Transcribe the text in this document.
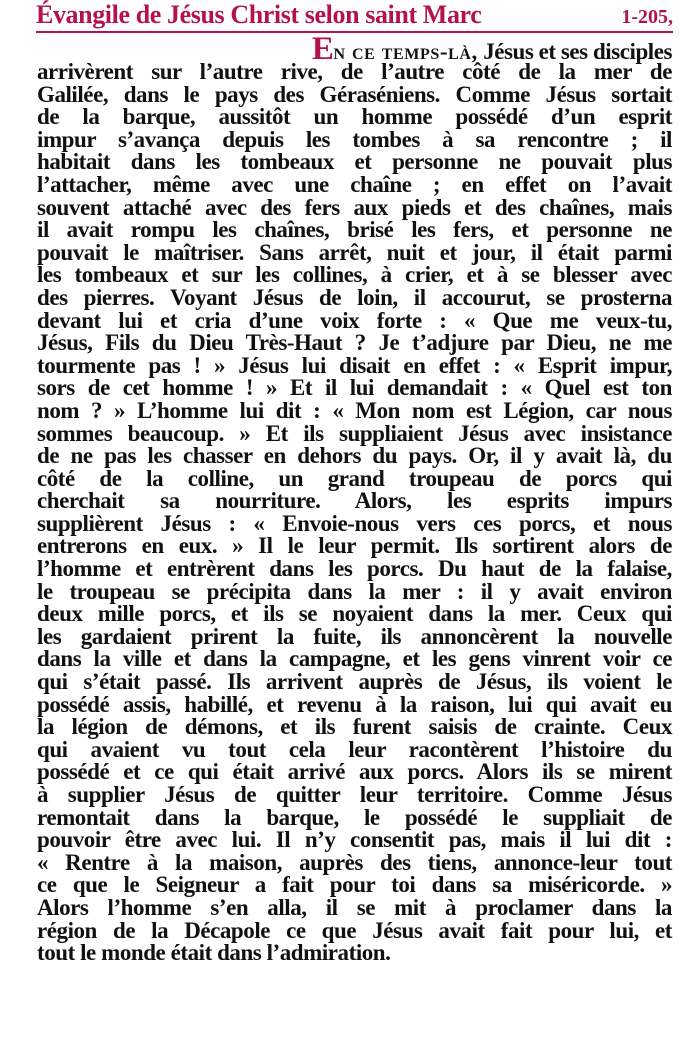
Évangile de Jésus Christ selon saint Marc	1-205,
En ce temps-là, Jésus et ses disciples
arrivèrent sur l’autre rive, de l’autre côté de la mer de
Galilée, dans le pays des Géraséniens. Comme Jésus sortait
de la barque, aussitôt un homme possédé d’un esprit
impur s’avança depuis les tombes à sa rencontre ; il
habitait dans les tombeaux et personne ne pouvait plus
l’attacher, même avec une chaîne ; en effet on l’avait
souvent attaché avec des fers aux pieds et des chaînes, mais
il avait rompu les chaînes, brisé les fers, et personne ne
pouvait le maîtriser. Sans arrêt, nuit et jour, il était parmi
les tombeaux et sur les collines, à crier, et à se blesser avec
des pierres. Voyant Jésus de loin, il accourut, se prosterna
devant lui et cria d’une voix forte : « Que me veux-tu,
Jésus, Fils du Dieu Très-Haut ? Je t’adjure par Dieu, ne me
tourmente pas ! » Jésus lui disait en effet : « Esprit impur,
sors de cet homme ! » Et il lui demandait : « Quel est ton
nom ? » L’homme lui dit : « Mon nom est Légion, car nous
sommes beaucoup. » Et ils suppliaient Jésus avec insistance
de ne pas les chasser en dehors du pays. Or, il y avait là, du
côté de la colline, un grand troupeau de porcs qui
cherchait sa nourriture. Alors, les esprits impurs
supplièrent Jésus : « Envoie-nous vers ces porcs, et nous
entrerons en eux. » Il le leur permit. Ils sortirent alors de
l’homme et entrèrent dans les porcs. Du haut de la falaise,
le troupeau se précipita dans la mer : il y avait environ
deux mille porcs, et ils se noyaient dans la mer. Ceux qui
les gardaient prirent la fuite, ils annoncèrent la nouvelle
dans la ville et dans la campagne, et les gens vinrent voir ce
qui s’était passé. Ils arrivent auprès de Jésus, ils voient le
possédé assis, habillé, et revenu à la raison, lui qui avait eu
la légion de démons, et ils furent saisis de crainte. Ceux
qui avaient vu tout cela leur racontèrent l’histoire du
possédé et ce qui était arrivé aux porcs. Alors ils se mirent
à supplier Jésus de quitter leur territoire. Comme Jésus
remontait dans la barque, le possédé le suppliait de
pouvoir être avec lui. Il n’y consentit pas, mais il lui dit :
« Rentre à la maison, auprès des tiens, annonce-leur tout
ce que le Seigneur a fait pour toi dans sa miséricorde. »
Alors l’homme s’en alla, il se mit à proclamer dans la
région de la Décapole ce que Jésus avait fait pour lui, et
tout le monde était dans l’admiration.
